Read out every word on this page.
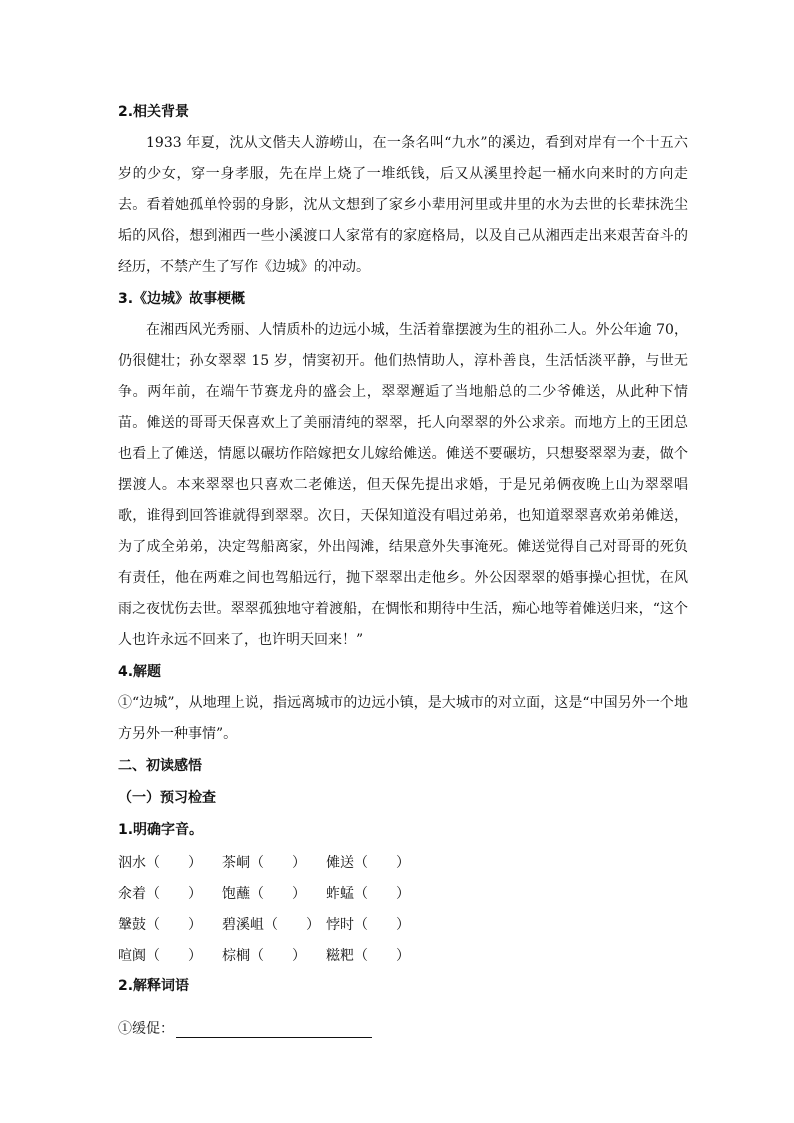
2.相关背景

1933 年夏，沈从文偕夫人游崂山，在一条名叫“九水”的溪边，看到对岸有一个十五六岁的少女，穿一身孝服，先在岸上烧了一堆纸钱，后又从溪里拎起一桶水向来时的方向走去。看着她孤单怜弱的身影，沈从文想到了家乡小辈用河里或井里的水为去世的长辈抹洗尘垢的风俗，想到湘西一些小溪渡口人家常有的家庭格局，以及自己从湘西走出来艰苦奋斗的经历，不禁产生了写作《边城》的冲动。

3.《边城》故事梗概

在湘西风光秀丽、人情质朴的边远小城，生活着靠摆渡为生的祖孙二人。外公年逾 70，仍很健壮；孙女翠翠 15 岁，情窦初开。他们热情助人，淳朴善良，生活恬淡平静，与世无争。两年前，在端午节赛龙舟的盛会上，翠翠邂逅了当地船总的二少爷傩送，从此种下情苗。傩送的哥哥天保喜欢上了美丽清纯的翠翠，托人向翠翠的外公求亲。而地方上的王团总也看上了傩送，情愿以碾坊作陪嫁把女儿嫁给傩送。傩送不要碾坊，只想娶翠翠为妻，做个摆渡人。本来翠翠也只喜欢二老傩送，但天保先提出求婚，于是兄弟俩夜晚上山为翠翠唱歌，谁得到回答谁就得到翠翠。次日，天保知道没有唱过弟弟，也知道翠翠喜欢弟弟傩送，为了成全弟弟，决定驾船离家，外出闯滩，结果意外失事淹死。傩送觉得自己对哥哥的死负有责任，他在两难之间也驾船远行，抛下翠翠出走他乡。外公因翠翠的婚事操心担忧，在风雨之夜忧伤去世。翠翠孤独地守着渡船，在惆怅和期待中生活，痴心地等着傩送归来，“这个人也许永远不回来了，也许明天回来！”

4.解题

①“边城”，从地理上说，指远离城市的边远小镇，是大城市的对立面，这是“中国另外一个地方另外一种事情”。

二、初读感悟
（一）预习检查
1.明确字音。
泅水（　　）	茶峒（　　）	傩送（　　）
氽着（　　）	饱蘸（　　）	蚱蜢（　　）
鞶鼓（　　）	碧溪岨（　　） 悖时（　　）
喧阗（　　）	棕榈（　　）	糍粑（　　）
2.解释词语
①缓促：
